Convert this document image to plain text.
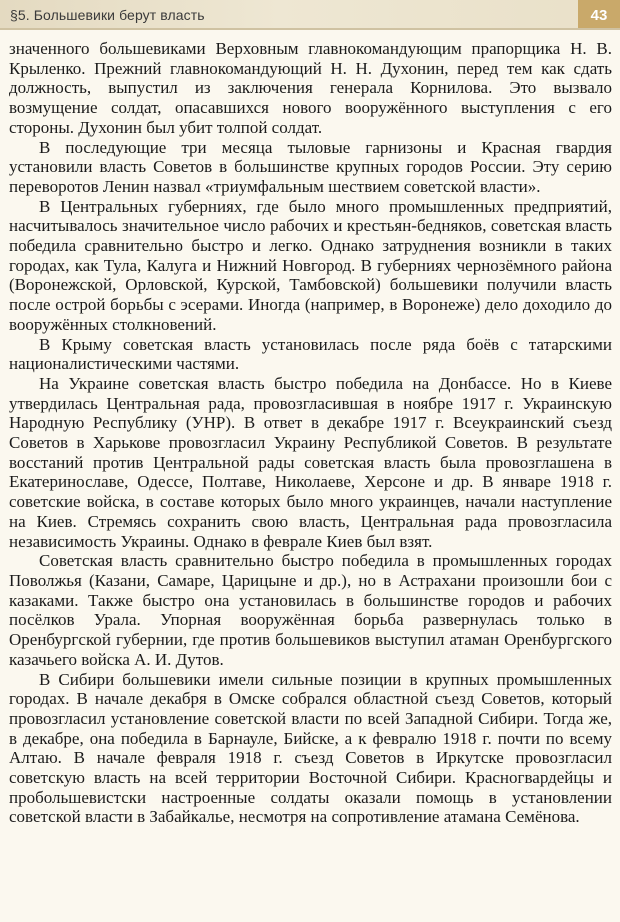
§5. Большевики берут власть	43

значенного большевиками Верховным главнокомандующим прапорщика Н. В. Крыленко. Прежний главнокомандующий Н. Н. Духонин, перед тем как сдать должность, выпустил из заключения генерала Корнилова. Это вызвало возмущение солдат, опасавшихся нового вооружённого выступления с его стороны. Духонин был убит толпой солдат.

В последующие три месяца тыловые гарнизоны и Красная гвардия установили власть Советов в большинстве крупных городов России. Эту серию переворотов Ленин назвал «триумфальным шествием советской власти».

В Центральных губерниях, где было много промышленных предприятий, насчитывалось значительное число рабочих и крестьян-бедняков, советская власть победила сравнительно быстро и легко. Однако затруднения возникли в таких городах, как Тула, Калуга и Нижний Новгород. В губерниях чернозёмного района (Воронежской, Орловской, Курской, Тамбовской) большевики получили власть после острой борьбы с эсерами. Иногда (например, в Воронеже) дело доходило до вооружённых столкновений.

В Крыму советская власть установилась после ряда боёв с татарскими националистическими частями.

На Украине советская власть быстро победила на Донбассе. Но в Киеве утвердилась Центральная рада, провозгласившая в ноябре 1917 г. Украинскую Народную Республику (УНР). В ответ в декабре 1917 г. Всеукраинский съезд Советов в Харькове провозгласил Украину Республикой Советов. В результате восстаний против Центральной рады советская власть была провозглашена в Екатеринославе, Одессе, Полтаве, Николаеве, Херсоне и др. В январе 1918 г. советские войска, в составе которых было много украинцев, начали наступление на Киев. Стремясь сохранить свою власть, Центральная рада провозгласила независимость Украины. Однако в феврале Киев был взят.

Советская власть сравнительно быстро победила в промышленных городах Поволжья (Казани, Самаре, Царицыне и др.), но в Астрахани произошли бои с казаками. Также быстро она установилась в большинстве городов и рабочих посёлков Урала. Упорная вооружённая борьба развернулась только в Оренбургской губернии, где против большевиков выступил атаман Оренбургского казачьего войска А. И. Дутов.

В Сибири большевики имели сильные позиции в крупных промышленных городах. В начале декабря в Омске собрался областной съезд Советов, который провозгласил установление советской власти по всей Западной Сибири. Тогда же, в декабре, она победила в Барнауле, Бийске, а к февралю 1918 г. почти по всему Алтаю. В начале февраля 1918 г. съезд Советов в Иркутске провозгласил советскую власть на всей территории Восточной Сибири. Красногвардейцы и пробольшевистски настроенные солдаты оказали помощь в установлении советской власти в Забайкалье, несмотря на сопротивление атамана Семёнова.
